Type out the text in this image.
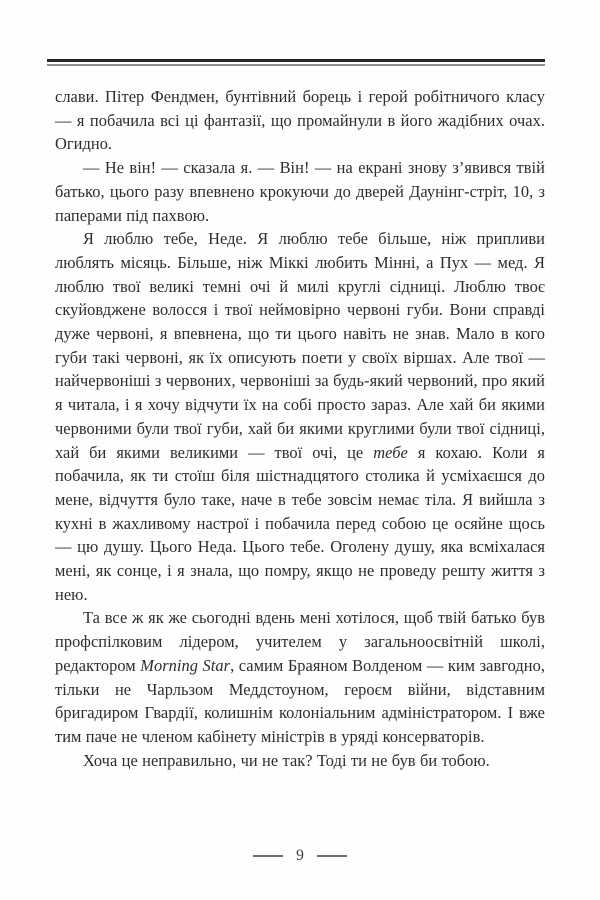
слави. Пітер Фендмен, бунтівний борець і герой робітничого класу — я побачила всі ці фантазії, що промайнули в його жадібних очах. Огидно.

— Не він! — сказала я. — Він! — на екрані знову з’явився твій батько, цього разу впевнено крокуючи до дверей Даунінг-стріт, 10, з паперами під пахвою.

Я люблю тебе, Неде. Я люблю тебе більше, ніж припливи люблять місяць. Більше, ніж Міккі любить Мінні, а Пух — мед. Я люблю твої великі темні очі й милі круглі сідниці. Люблю твоє скуйовджене волосся і твої неймовірно червоні губи. Вони справді дуже червоні, я впевнена, що ти цього навіть не знав. Мало в кого губи такі червоні, як їх описують поети у своїх віршах. Але твої — найчервоніші з червоних, червоніші за будь-який червоний, про який я читала, і я хочу відчути їх на собі просто зараз. Але хай би якими червоними були твої губи, хай би якими круглими були твої сідниці, хай би якими великими — твої очі, це тебе я кохаю. Коли я побачила, як ти стоїш біля шістнадцятого столика й усміхаєшся до мене, відчуття було таке, наче в тебе зовсім немає тіла. Я вийшла з кухні в жахливому настрої і побачила перед собою це осяйне щось — цю душу. Цього Неда. Цього тебе. Оголену душу, яка всміхалася мені, як сонце, і я знала, що помру, якщо не проведу решту життя з нею.

Та все ж як же сьогодні вдень мені хотілося, щоб твій батько був профспілковим лідером, учителем у загальноосвітній школі, редактором Morning Star, самим Браяном Волденом — ким завгодно, тільки не Чарльзом Меддстоуном, героєм війни, відставним бригадиром Гвардії, колишнім колоніальним адміністратором. І вже тим паче не членом кабінету міністрів в уряді консерваторів.

Хоча це неправильно, чи не так? Тоді ти не був би тобою.

9
